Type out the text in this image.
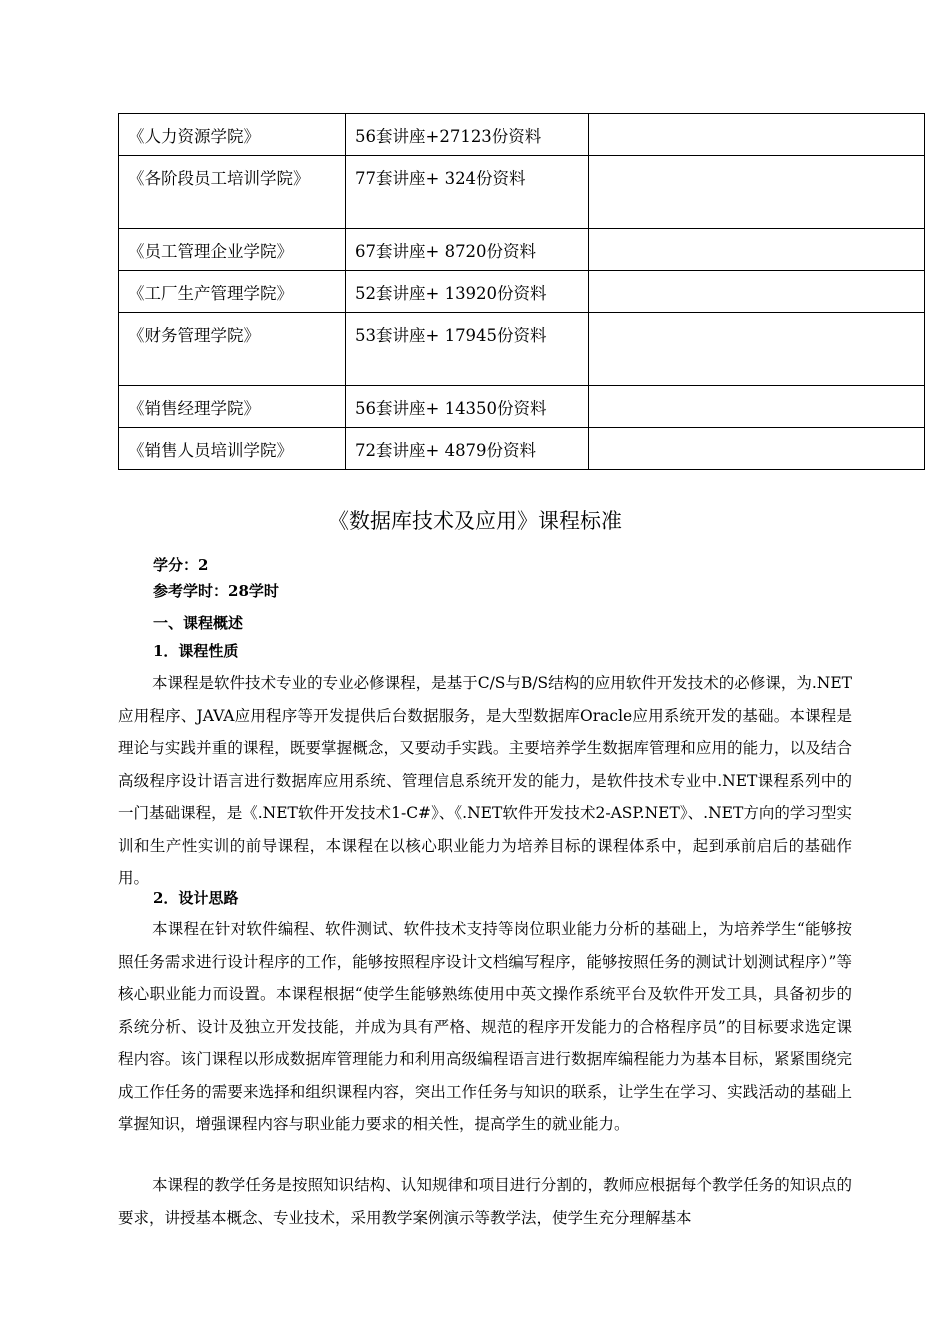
《人力资源学院》	56套讲座+27123份资料	
《各阶段员工培训学院》	77套讲座+ 324份资料	
《员工管理企业学院》	67套讲座+ 8720份资料	
《工厂生产管理学院》	52套讲座+ 13920份资料	
《财务管理学院》	53套讲座+ 17945份资料	
《销售经理学院》	56套讲座+ 14350份资料	
《销售人员培训学院》	72套讲座+ 4879份资料	
《数据库技术及应用》课程标准
学分：2
参考学时：28学时
一、课程概述
1．课程性质
本课程是软件技术专业的专业必修课程，是基于C/S与B/S结构的应用软件开发技术的必修课，为.NET应用程序、JAVA应用程序等开发提供后台数据服务，是大型数据库Oracle应用系统开发的基础。本课程是理论与实践并重的课程，既要掌握概念，又要动手实践。主要培养学生数据库管理和应用的能力，以及结合高级程序设计语言进行数据库应用系统、管理信息系统开发的能力，是软件技术专业中.NET课程系列中的一门基础课程，是《.NET软件开发技术1-C#》、《.NET软件开发技术2-ASP.NET》、.NET方向的学习型实训和生产性实训的前导课程，本课程在以核心职业能力为培养目标的课程体系中，起到承前启后的基础作用。
2．设计思路
本课程在针对软件编程、软件测试、软件技术支持等岗位职业能力分析的基础上，为培养学生“能够按照任务需求进行设计程序的工作，能够按照程序设计文档编写程序，能够按照任务的测试计划测试程序）”等核心职业能力而设置。本课程根据“使学生能够熟练使用中英文操作系统平台及软件开发工具，具备初步的系统分析、设计及独立开发技能，并成为具有严格、规范的程序开发能力的合格程序员”的目标要求选定课程内容。该门课程以形成数据库管理能力和利用高级编程语言进行数据库编程能力为基本目标，紧紧围绕完成工作任务的需要来选择和组织课程内容，突出工作任务与知识的联系，让学生在学习、实践活动的基础上掌握知识，增强课程内容与职业能力要求的相关性，提高学生的就业能力。
本课程的教学任务是按照知识结构、认知规律和项目进行分割的，教师应根据每个教学任务的知识点的要求，讲授基本概念、专业技术，采用教学案例演示等教学法，使学生充分理解基本
